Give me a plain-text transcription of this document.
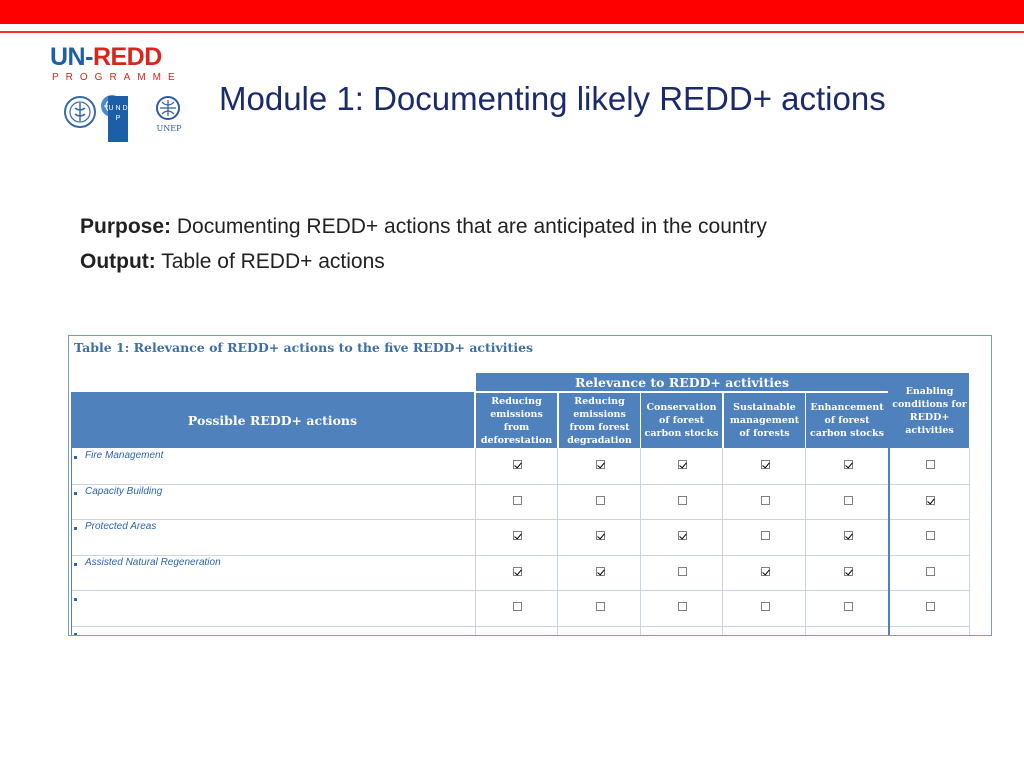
UN-REDD
PROGRAMME
U N D P
UNEP
Module 1: Documenting likely REDD+ actions
Purpose: Documenting REDD+ actions that are anticipated in the country
Output: Table of REDD+ actions
Table 1: Relevance of REDD+ actions to the five REDD+ activities
Possible REDD+ actions
Relevance to REDD+ activities
Reducing emissions from deforestation
Reducing emissions from forest degradation
Conservation of forest carbon stocks
Sustainable management of forests
Enhancement of forest carbon stocks
Enabling conditions for REDD+ activities
Fire Management
Capacity Building
Protected Areas
Assisted Natural Regeneration
